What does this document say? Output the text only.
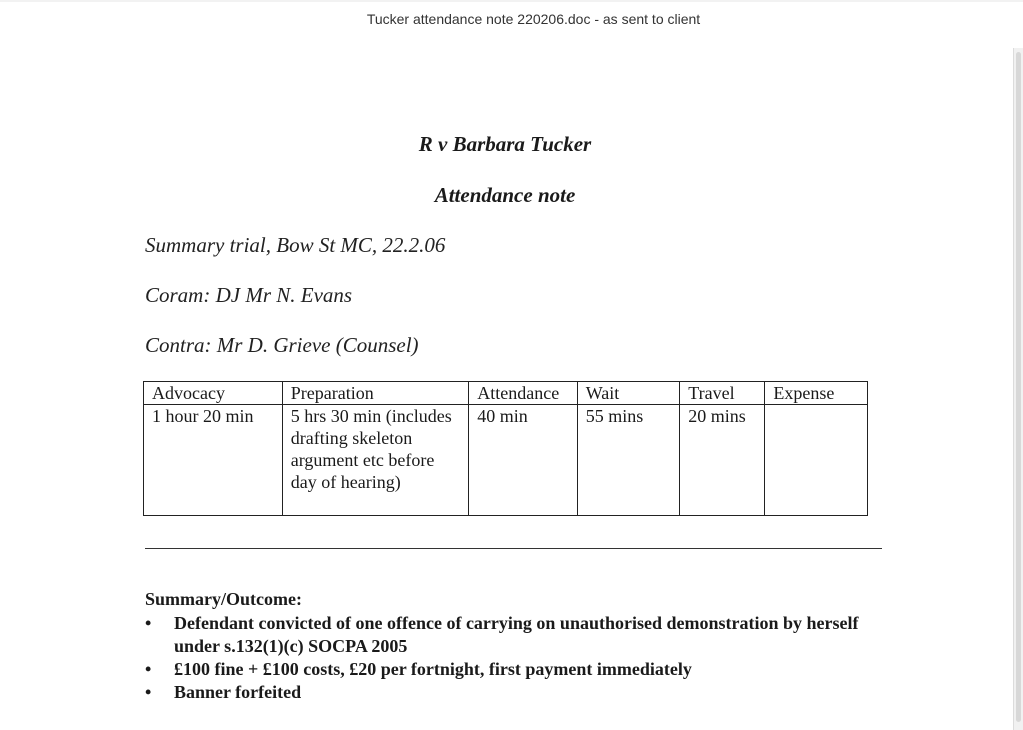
Tucker attendance note 220206.doc - as sent to client
R v Barbara Tucker
Attendance note
Summary trial, Bow St MC, 22.2.06
Coram: DJ Mr N. Evans
Contra: Mr D. Grieve (Counsel)
Advocacy	Preparation	Attendance	Wait	Travel	Expense
1 hour 20 min	5 hrs 30 min (includes drafting skeleton argument etc before day of hearing)	40 min	55 mins	20 mins	
Summary/Outcome:
• Defendant convicted of one offence of carrying on unauthorised demonstration by herself under s.132(1)(c) SOCPA 2005
• £100 fine + £100 costs, £20 per fortnight, first payment immediately
• Banner forfeited
